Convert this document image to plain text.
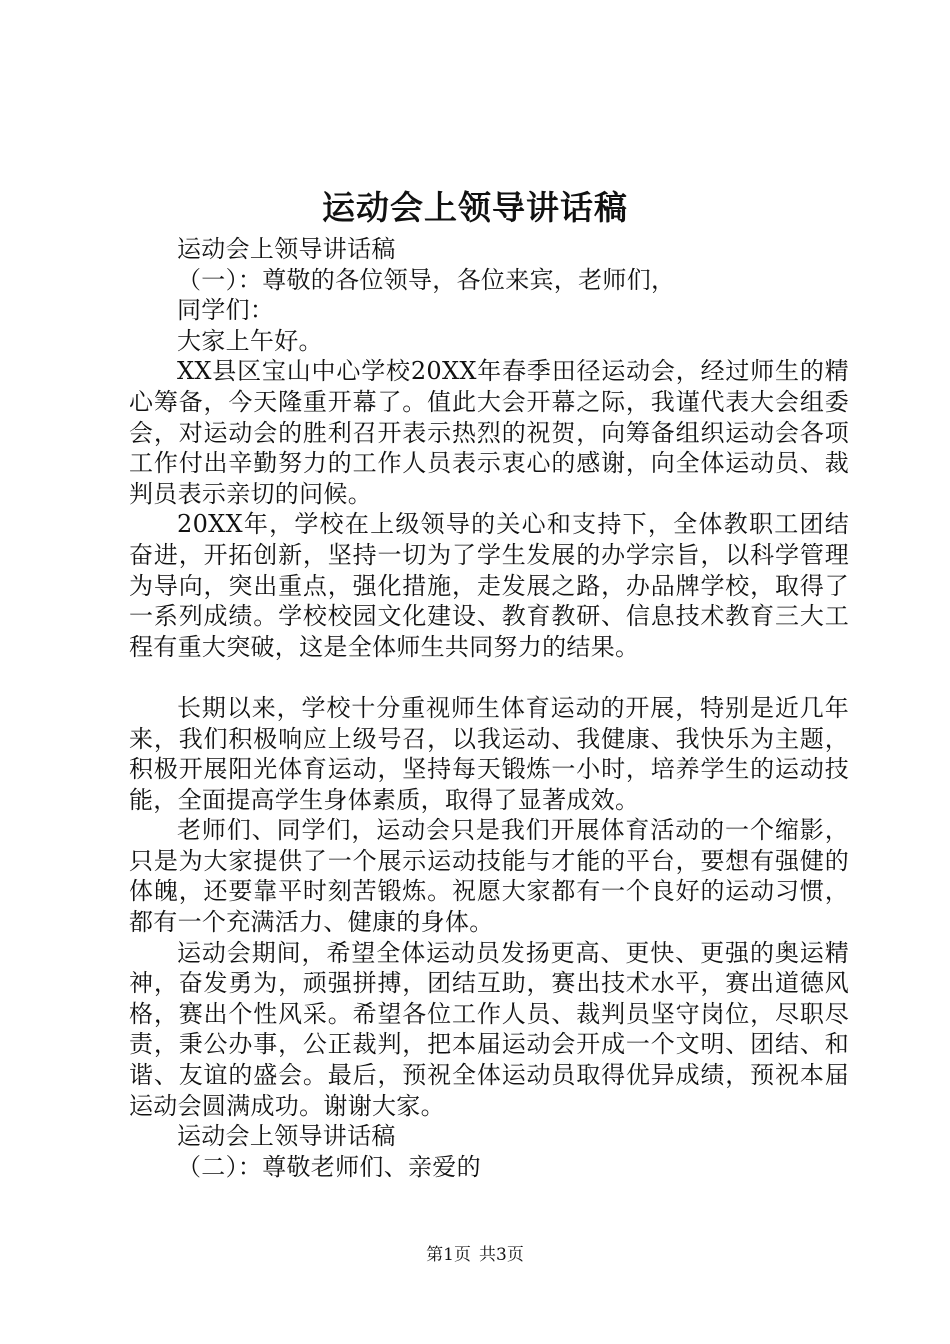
运动会上领导讲话稿

运动会上领导讲话稿

（一）：尊敬的各位领导，各位来宾，老师们，

同学们：

大家上午好。

XX县区宝山中心学校20XX年春季田径运动会，经过师生的精心筹备，今天隆重开幕了。值此大会开幕之际，我谨代表大会组委会，对运动会的胜利召开表示热烈的祝贺，向筹备组织运动会各项工作付出辛勤努力的工作人员表示衷心的感谢，向全体运动员、裁判员表示亲切的问候。

20XX年，学校在上级领导的关心和支持下，全体教职工团结奋进，开拓创新，坚持一切为了学生发展的办学宗旨，以科学管理为导向，突出重点，强化措施，走发展之路，办品牌学校，取得了一系列成绩。学校校园文化建设、教育教研、信息技术教育三大工程有重大突破，这是全体师生共同努力的结果。

长期以来，学校十分重视师生体育运动的开展，特别是近几年来，我们积极响应上级号召，以我运动、我健康、我快乐为主题，积极开展阳光体育运动，坚持每天锻炼一小时，培养学生的运动技能，全面提高学生身体素质，取得了显著成效。

老师们、同学们，运动会只是我们开展体育活动的一个缩影，只是为大家提供了一个展示运动技能与才能的平台，要想有强健的体魄，还要靠平时刻苦锻炼。祝愿大家都有一个良好的运动习惯，都有一个充满活力、健康的身体。

运动会期间，希望全体运动员发扬更高、更快、更强的奥运精神，奋发勇为，顽强拼搏，团结互助，赛出技术水平，赛出道德风格，赛出个性风采。希望各位工作人员、裁判员坚守岗位，尽职尽责，秉公办事，公正裁判，把本届运动会开成一个文明、团结、和谐、友谊的盛会。最后，预祝全体运动员取得优异成绩，预祝本届运动会圆满成功。谢谢大家。

运动会上领导讲话稿

（二）：尊敬老师们、亲爱的

第1页 共3页
